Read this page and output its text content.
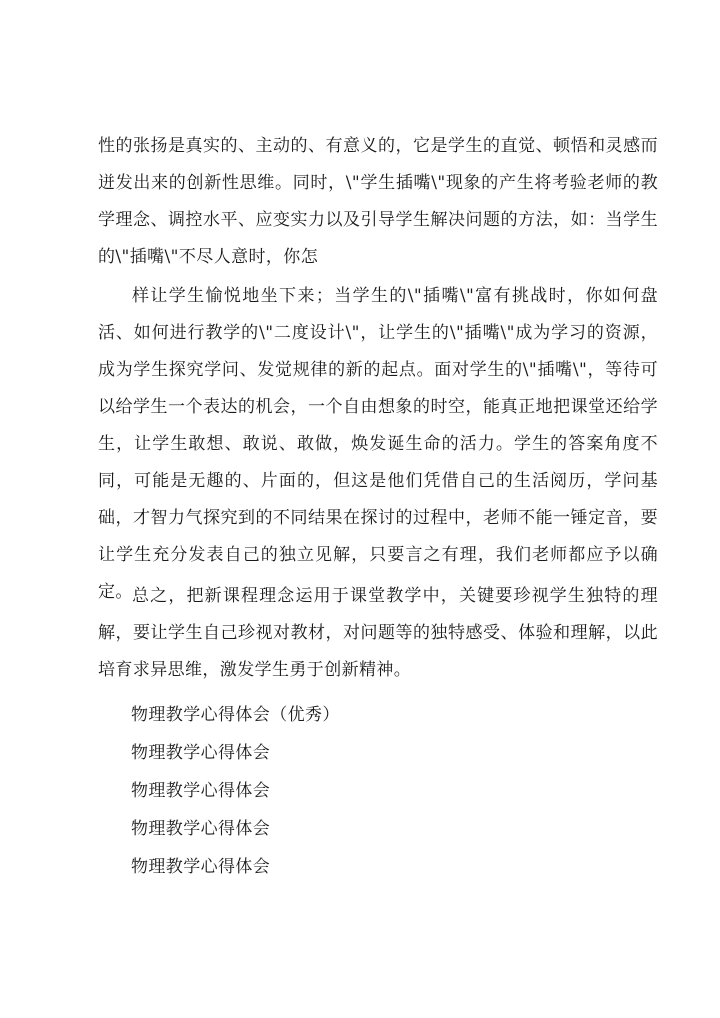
性的张扬是真实的、主动的、有意义的，它是学生的直觉、顿悟和灵感而迸发出来的创新性思维。同时，\"学生插嘴\"现象的产生将考验老师的教学理念、调控水平、应变实力以及引导学生解决问题的方法，如：当学生的\"插嘴\"不尽人意时，你怎

样让学生愉悦地坐下来；当学生的\"插嘴\"富有挑战时，你如何盘活、如何进行教学的\"二度设计\"，让学生的\"插嘴\"成为学习的资源，成为学生探究学问、发觉规律的新的起点。面对学生的\"插嘴\"，等待可以给学生一个表达的机会，一个自由想象的时空，能真正地把课堂还给学生，让学生敢想、敢说、敢做，焕发诞生命的活力。学生的答案角度不同，可能是无趣的、片面的，但这是他们凭借自己的生活阅历，学问基础，才智力气探究到的不同结果在探讨的过程中，老师不能一锤定音，要让学生充分发表自己的独立见解，只要言之有理，我们老师都应予以确定。 总之，把新课程理念运用于课堂教学中，关键要珍视学生独特的理解，要让学生自己珍视对教材，对问题等的独特感受、体验和理解，以此培育求异思维，激发学生勇于创新精神。

物理教学心得体会（优秀）
物理教学心得体会
物理教学心得体会
物理教学心得体会
物理教学心得体会
